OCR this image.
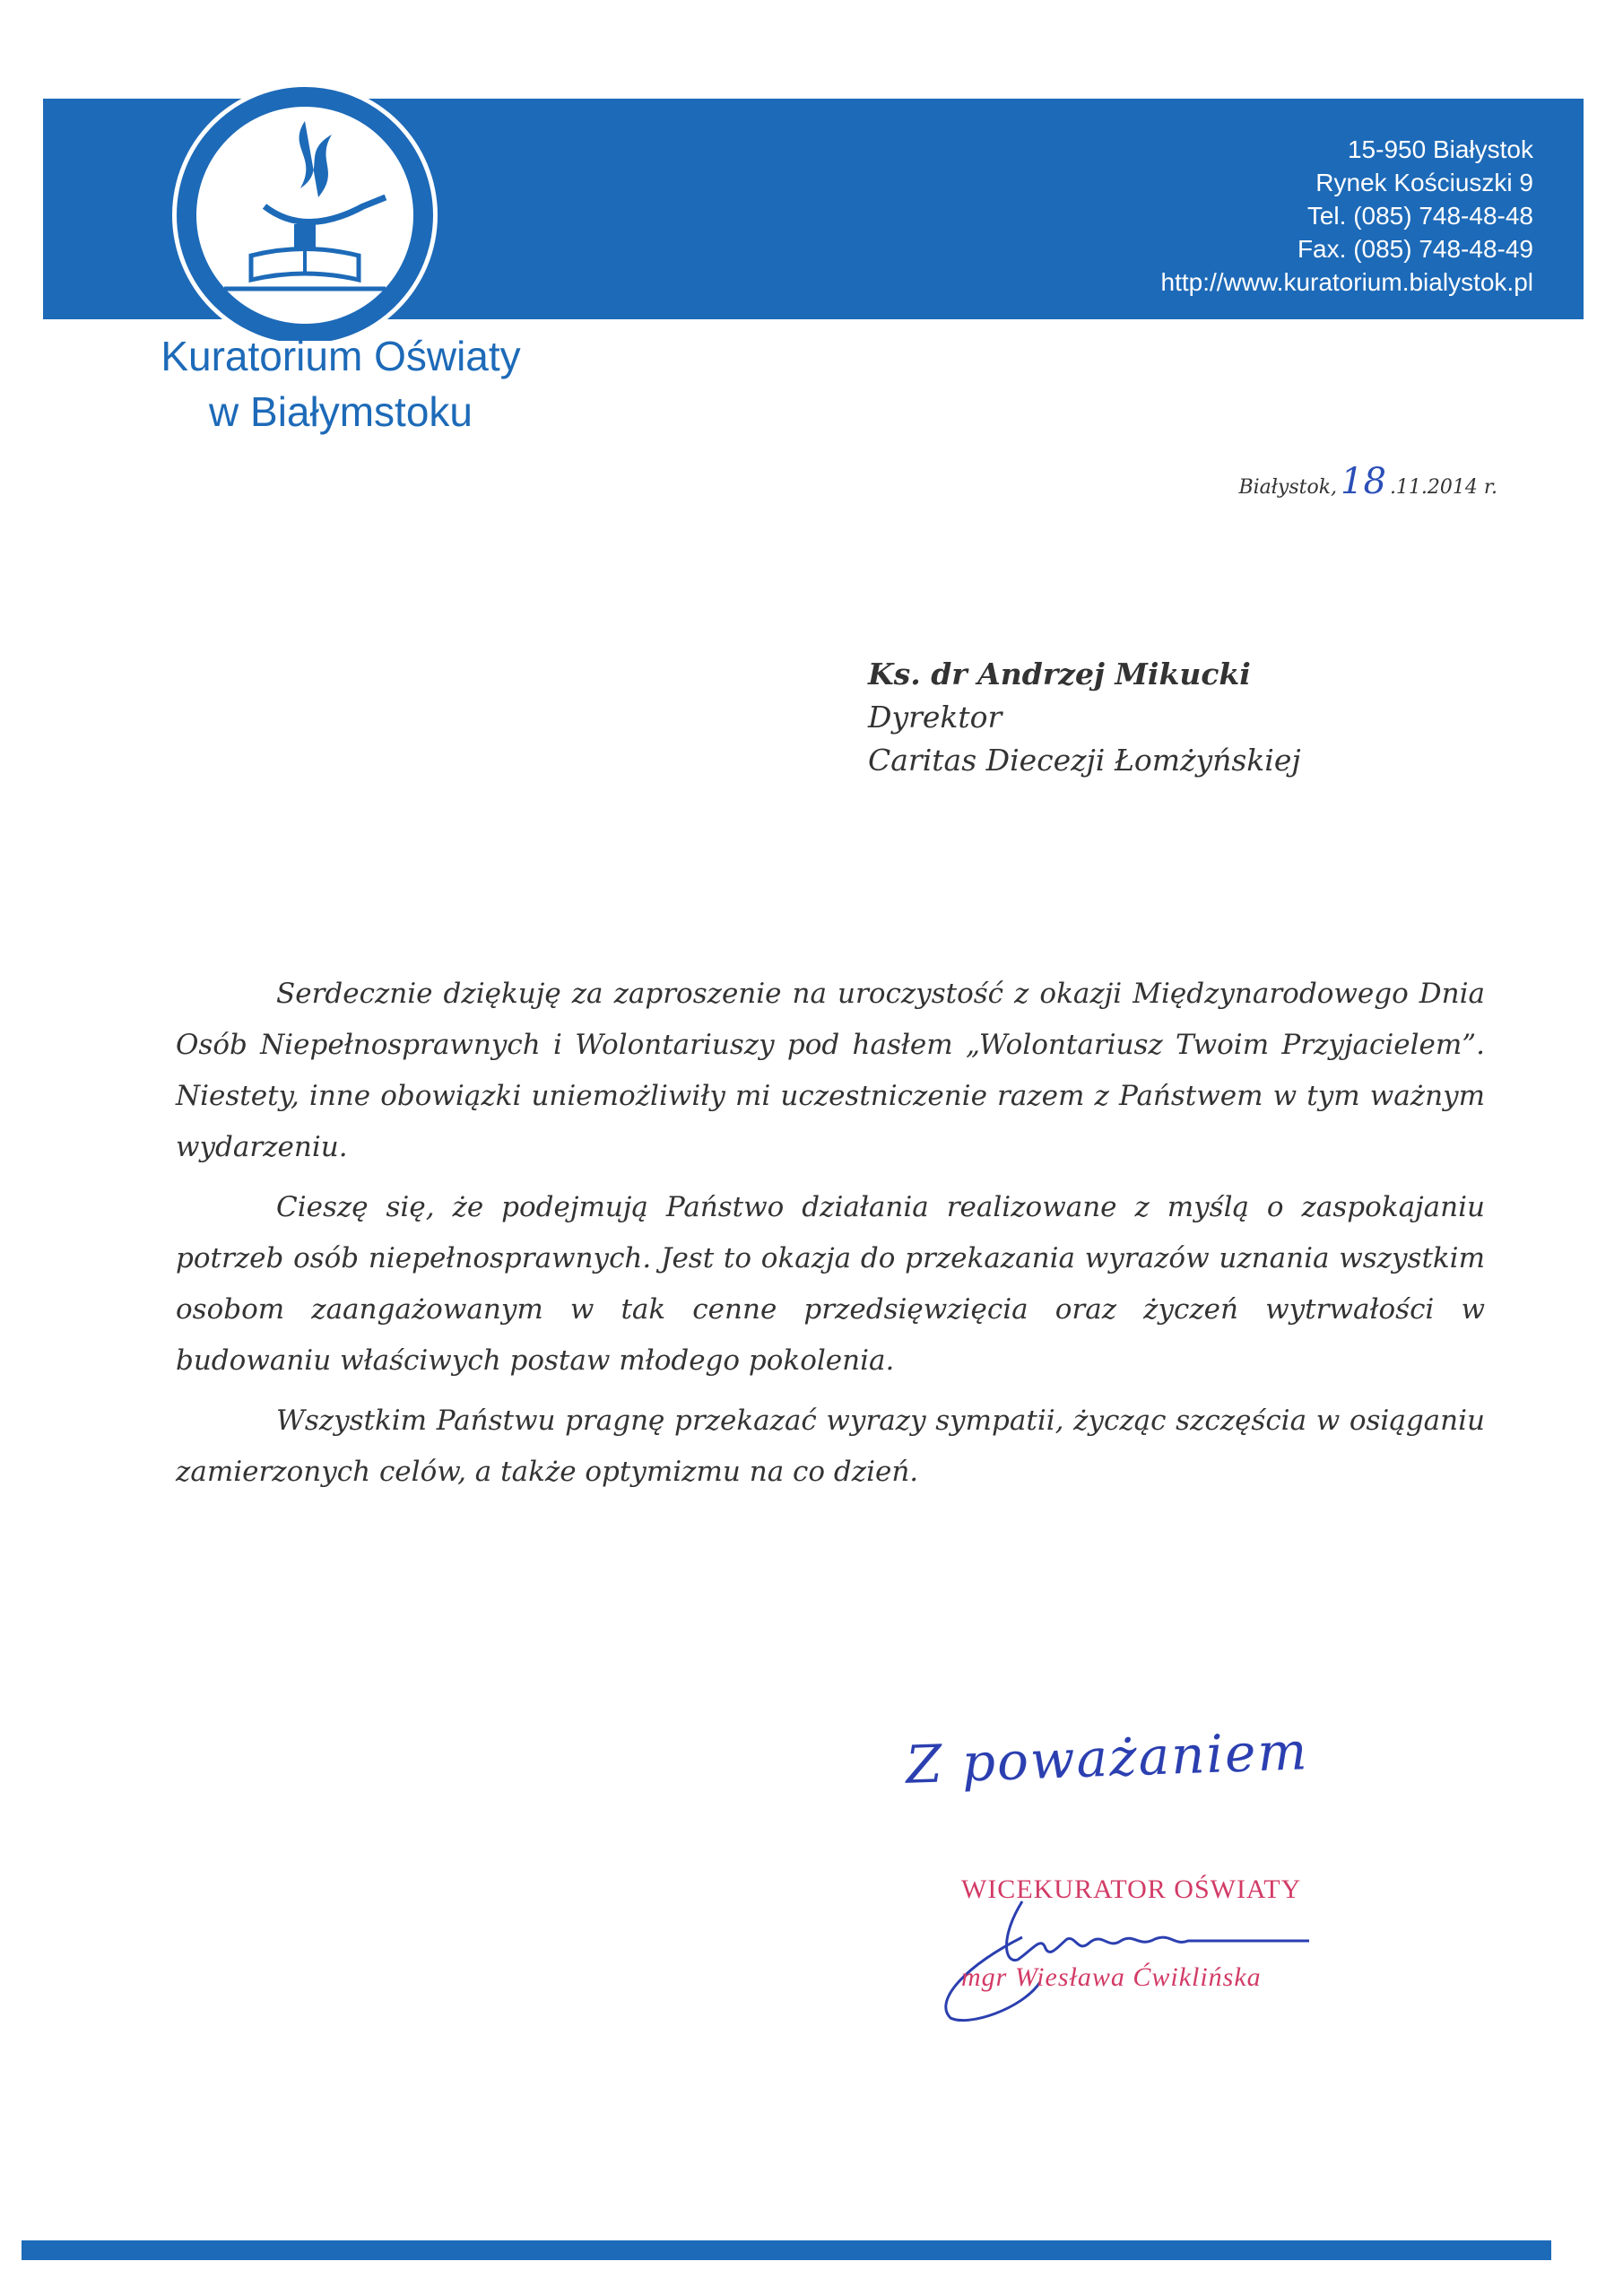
15-950 Białystok
Rynek Kościuszki 9
Tel. (085) 748-48-48
Fax. (085) 748-48-49
http://www.kuratorium.bialystok.pl
Kuratorium Oświaty
w Białymstoku
Białystok, 18 .11.2014 r.
Ks. dr Andrzej Mikucki
Dyrektor
Caritas Diecezji Łomżyńskiej

Serdecznie dziękuję za zaproszenie na uroczystość z okazji Międzynarodowego Dnia Osób Niepełnosprawnych i Wolontariuszy pod hasłem „Wolontariusz Twoim Przyjacielem”. Niestety, inne obowiązki uniemożliwiły mi uczestniczenie razem z Państwem w tym ważnym wydarzeniu.

Cieszę się, że podejmują Państwo działania realizowane z myślą o zaspokajaniu potrzeb osób niepełnosprawnych. Jest to okazja do przekazania wyrazów uznania wszystkim osobom zaangażowanym w tak cenne przedsięwzięcia oraz życzeń wytrwałości w budowaniu właściwych postaw młodego pokolenia.

Wszystkim Państwu pragnę przekazać wyrazy sympatii, życząc szczęścia w osiąganiu zamierzonych celów, a także optymizmu na co dzień.

Z poważaniem
WICEKURATOR OŚWIATY
mgr Wiesława Ćwiklińska
